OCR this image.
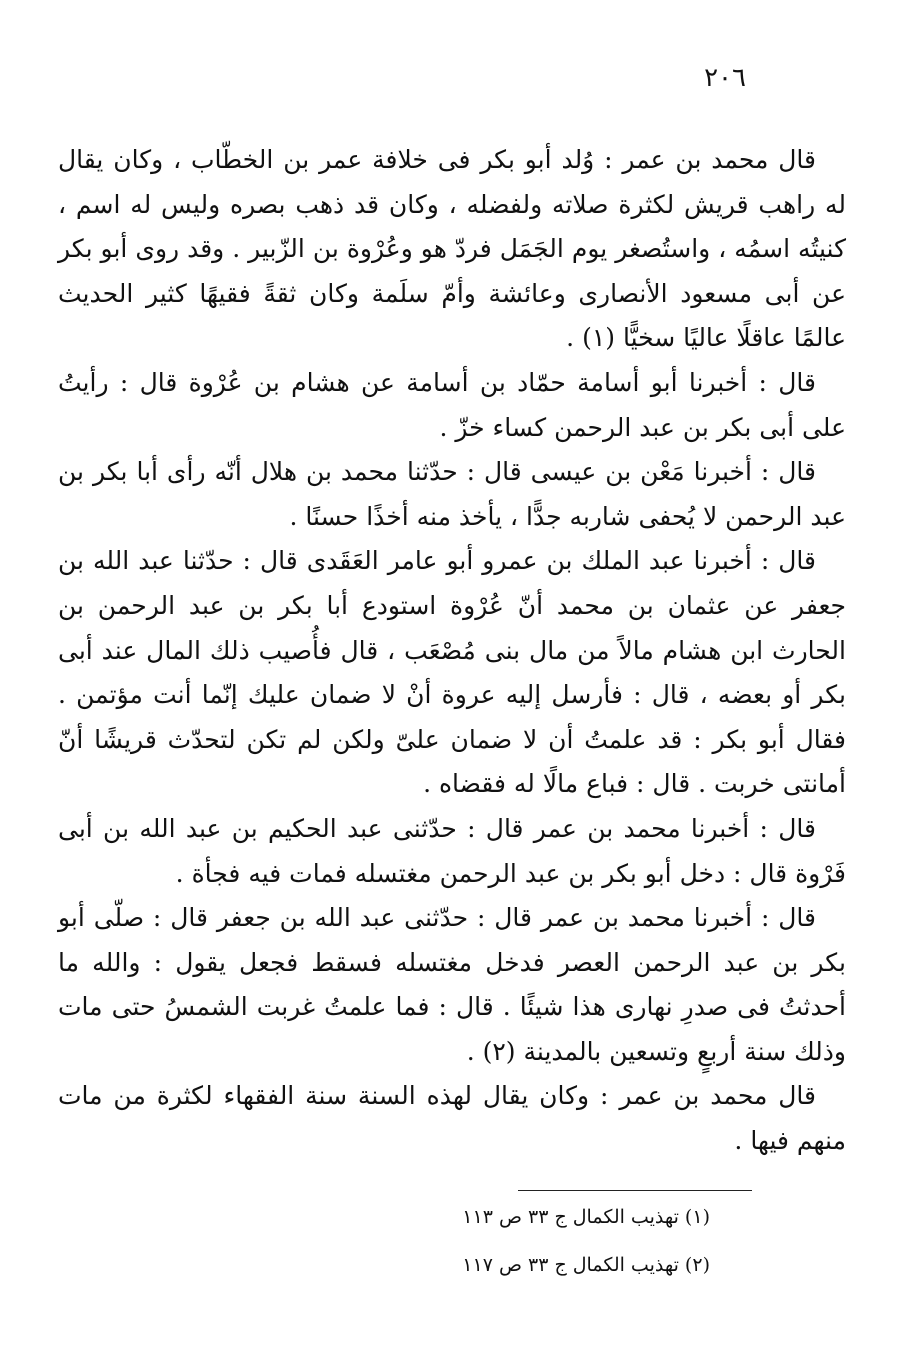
٢٠٦

قال محمد بن عمر : وُلد أبو بكر فى خلافة عمر بن الخطّاب ، وكان يقال له راهب قريش لكثرة صلاته ولفضله ، وكان قد ذهب بصره وليس له اسم ، كنيتُه اسمُه ، واستُصغر يوم الجَمَل فردّ هو وعُرْوة بن الزّبير . وقد روى أبو بكر عن أبى مسعود الأنصارى وعائشة وأمّ سلَمة وكان ثقةً فقيهًا كثير الحديث عالمًا عاقلًا عاليًا سخيًّا (١) .

قال : أخبرنا أبو أسامة حمّاد بن أسامة عن هشام بن عُرْوة قال : رأيتُ على أبى بكر بن عبد الرحمن كساء خزّ .

قال : أخبرنا مَعْن بن عيسى قال : حدّثنا محمد بن هلال أنّه رأى أبا بكر بن عبد الرحمن لا يُحفى شاربه جدًّا ، يأخذ منه أخذًا حسنًا .

قال : أخبرنا عبد الملك بن عمرو أبو عامر العَقَدى قال : حدّثنا عبد الله بن جعفر عن عثمان بن محمد أنّ عُرْوة استودع أبا بكر بن عبد الرحمن بن الحارث ابن هشام مالاً من مال بنى مُصْعَب ، قال فأُصيب ذلك المال عند أبى بكر أو بعضه ، قال : فأرسل إليه عروة أنْ لا ضمان عليك إنّما أنت مؤتمن . فقال أبو بكر : قد علمتُ أن لا ضمان علىّ ولكن لم تكن لتحدّث قريشًا أنّ أمانتى خربت . قال : فباع مالًا له فقضاه .

قال : أخبرنا محمد بن عمر قال : حدّثنى عبد الحكيم بن عبد الله بن أبى فَرْوة قال : دخل أبو بكر بن عبد الرحمن مغتسله فمات فيه فجأة .

قال : أخبرنا محمد بن عمر قال : حدّثنى عبد الله بن جعفر قال : صلّى أبو بكر بن عبد الرحمن العصر فدخل مغتسله فسقط فجعل يقول : والله ما أحدثتُ فى صدرِ نهارى هذا شيئًا . قال : فما علمتُ غربت الشمسُ حتى مات وذلك سنة أربعٍ وتسعين بالمدينة (٢) .

قال محمد بن عمر : وكان يقال لهذه السنة سنة الفقهاء لكثرة من مات منهم فيها .

(١) تهذيب الكمال ج ٣٣ ص ١١٣

(٢) تهذيب الكمال ج ٣٣ ص ١١٧
